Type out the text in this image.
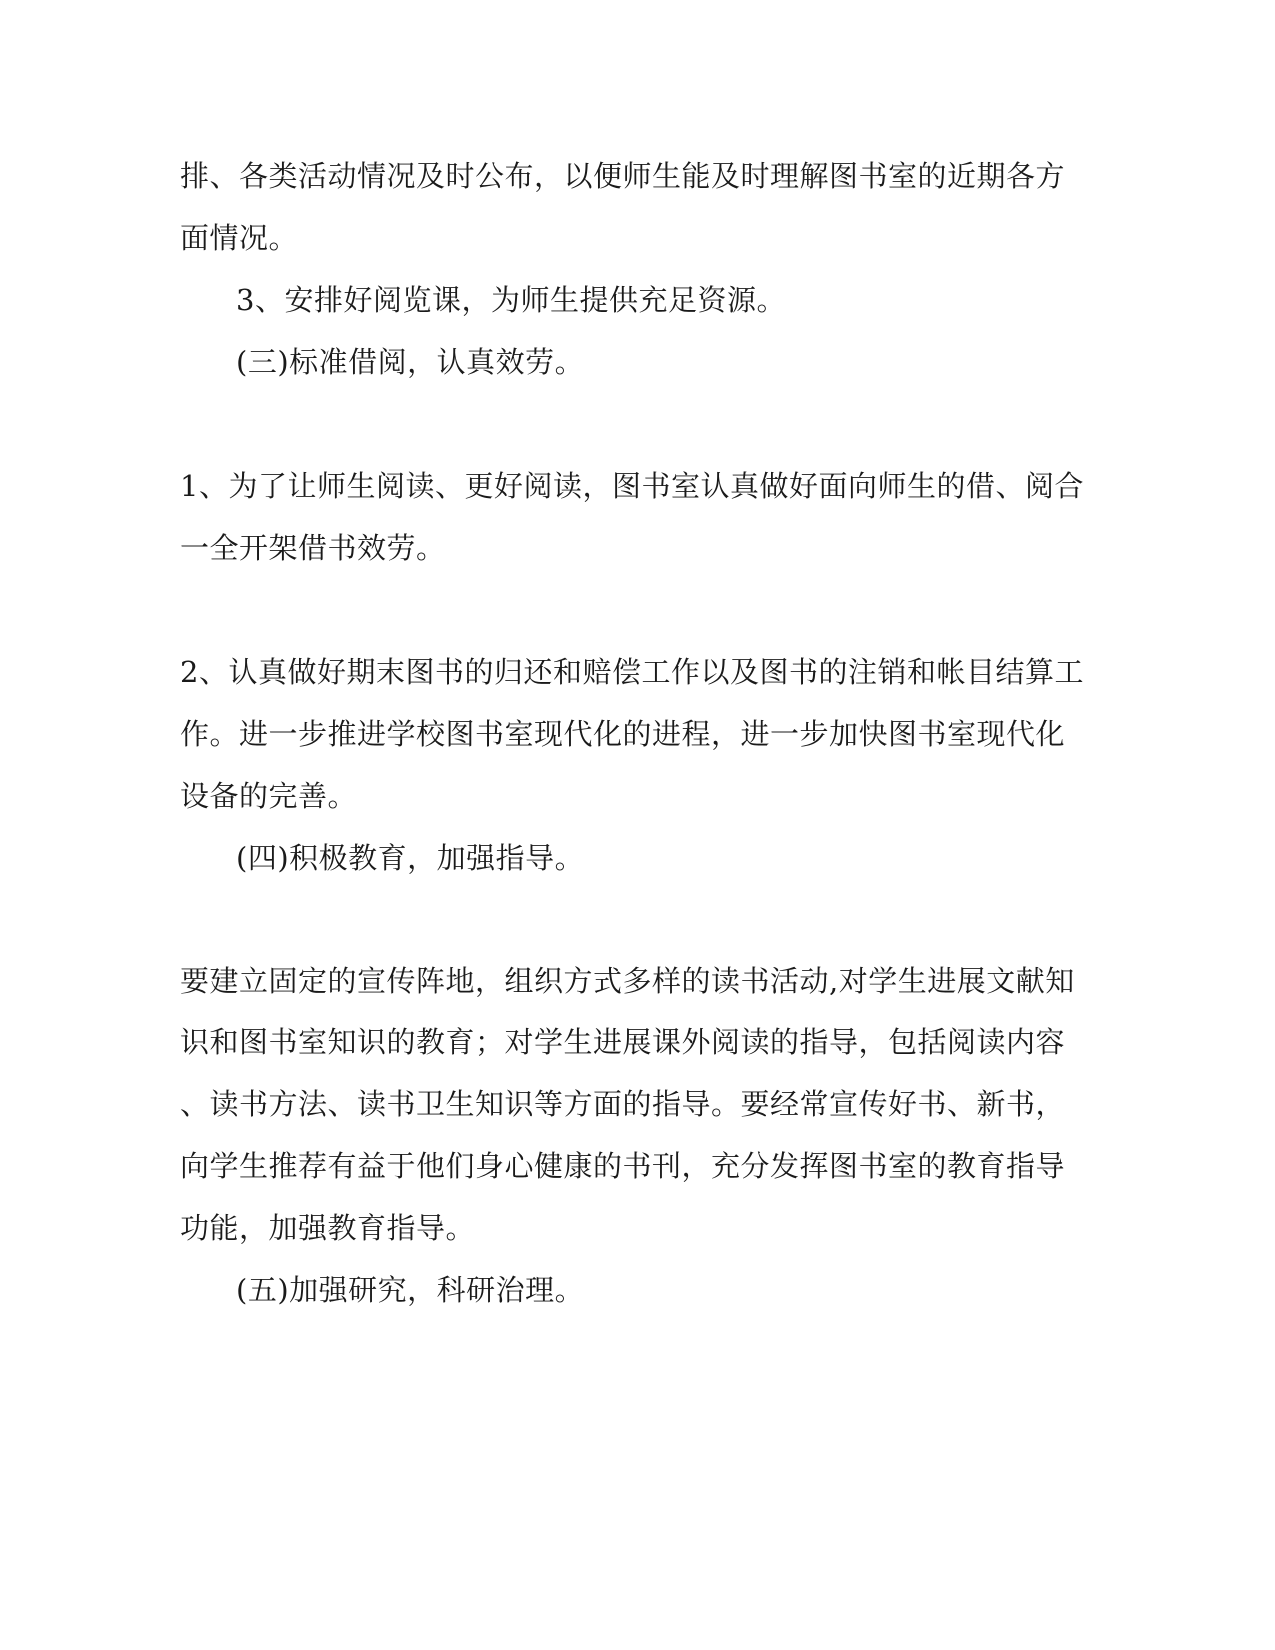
排、各类活动情况及时公布，以便师生能及时理解图书室的近期各方
面情况。
3、安排好阅览课，为师生提供充足资源。
(三)标准借阅，认真效劳。
1、为了让师生阅读、更好阅读，图书室认真做好面向师生的借、阅合
一全开架借书效劳。
2、认真做好期末图书的归还和赔偿工作以及图书的注销和帐目结算工
作。进一步推进学校图书室现代化的进程，进一步加快图书室现代化
设备的完善。
(四)积极教育，加强指导。
要建立固定的宣传阵地，组织方式多样的读书活动,对学生进展文献知
识和图书室知识的教育；对学生进展课外阅读的指导，包括阅读内容
、读书方法、读书卫生知识等方面的指导。要经常宣传好书、新书，
向学生推荐有益于他们身心健康的书刊，充分发挥图书室的教育指导
功能，加强教育指导。
(五)加强研究，科研治理。
